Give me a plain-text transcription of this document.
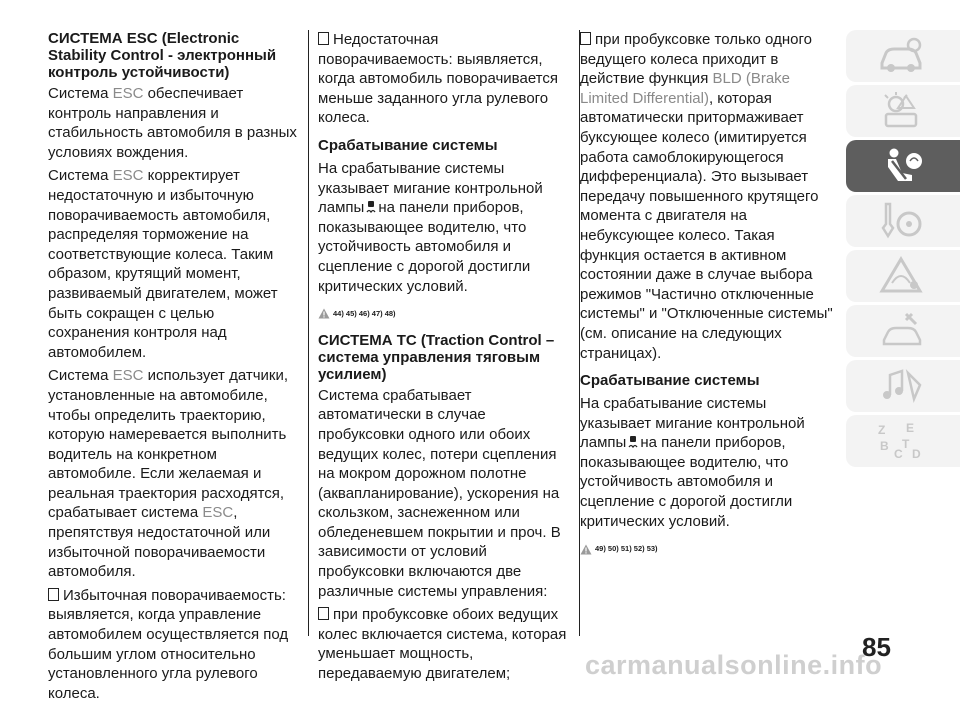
СИСТЕМА ESC (Electronic Stability Control - электронный контроль устойчивости)

Система ESC обеспечивает контроль направления и стабильность автомобиля в разных условиях вождения.

Система ESC корректирует недостаточную и избыточную поворачиваемость автомобиля, распределяя торможение на соответствующие колеса. Таким образом, крутящий момент, развиваемый двигателем, может быть сокращен с целью сохранения контроля над автомобилем.

Система ESC использует датчики, установленные на автомобиле, чтобы определить траекторию, которую намеревается выполнить водитель на конкретном автомобиле. Если желаемая и реальная траектория расходятся, срабатывает система ESC, препятствуя недостаточной или избыточной поворачиваемости автомобиля.

Избыточная поворачиваемость: выявляется, когда управление автомобилем осуществляется под большим углом относительно установленного угла рулевого колеса.

Недостаточная поворачиваемость: выявляется, когда автомобиль поворачивается меньше заданного угла рулевого колеса.

Срабатывание системы

На срабатывание системы указывает мигание контрольной лампы на панели приборов, показывающее водителю, что устойчивость автомобиля и сцепление с дорогой достигли критических условий.

44) 45) 46) 47) 48)
СИСТЕМА TC (Traction Control – система управления тяговым усилием)

Система срабатывает автоматически в случае пробуксовки одного или обоих ведущих колес, потери сцепления на мокром дорожном полотне (аквапланирование), ускорения на скользком, заснеженном или обледеневшем покрытии и проч. В зависимости от условий пробуксовки включаются две различные системы управления:

при пробуксовке обоих ведущих колес включается система, которая уменьшает мощность, передаваемую двигателем;

при пробуксовке только одного ведущего колеса приходит в действие функция BLD (Brake Limited Differential), которая автоматически притормаживает буксующее колесо (имитируется работа самоблокирующегося дифференциала). Это вызывает передачу повышенного крутящего момента с двигателя на небуксующее колесо. Такая функция остается в активном состоянии даже в случае выбора режимов "Частично отключенные системы" и "Отключенные системы" (см. описание на следующих страницах).

Срабатывание системы

На срабатывание системы указывает мигание контрольной лампы на панели приборов, показывающее водителю, что устойчивость автомобиля и сцепление с дорогой достигли критических условий.

49) 50) 51) 52) 53)
Z E
B
C
T
D
85
carmanualsonline.info
